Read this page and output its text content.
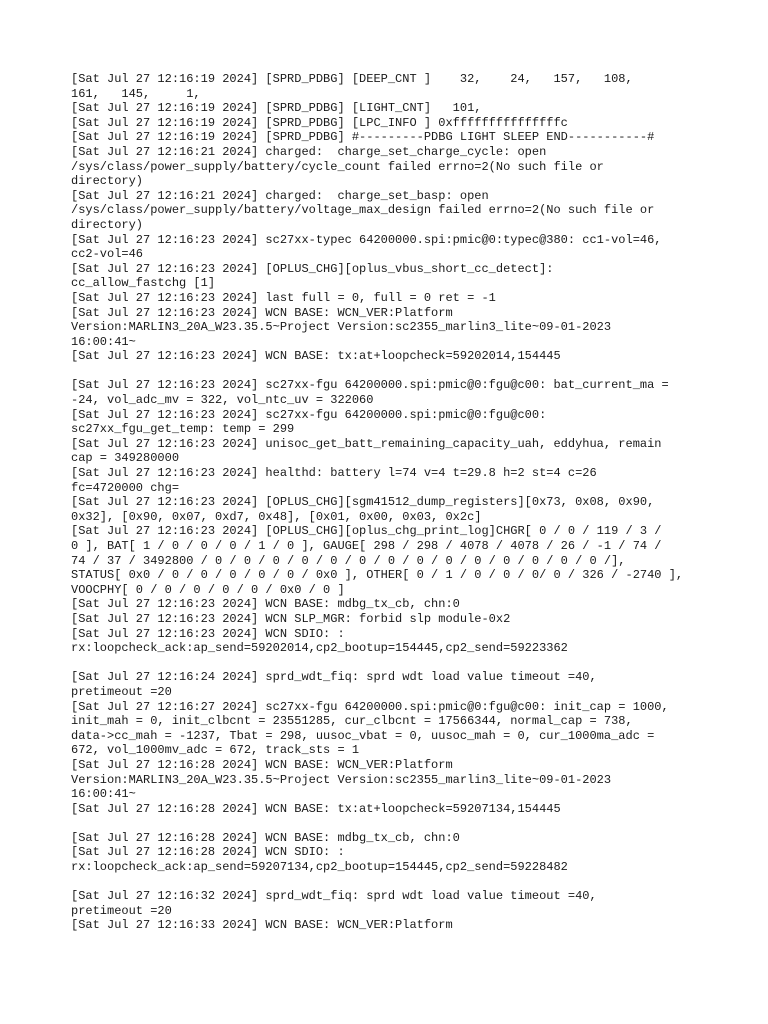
[Sat Jul 27 12:16:19 2024] [SPRD_PDBG] [DEEP_CNT ]    32,    24,   157,   108,
161,   145,     1,
[Sat Jul 27 12:16:19 2024] [SPRD_PDBG] [LIGHT_CNT]   101,
[Sat Jul 27 12:16:19 2024] [SPRD_PDBG] [LPC_INFO ] 0xfffffffffffffffc
[Sat Jul 27 12:16:19 2024] [SPRD_PDBG] #---------PDBG LIGHT SLEEP END-----------#
[Sat Jul 27 12:16:21 2024] charged:  charge_set_charge_cycle: open
/sys/class/power_supply/battery/cycle_count failed errno=2(No such file or
directory)
[Sat Jul 27 12:16:21 2024] charged:  charge_set_basp: open
/sys/class/power_supply/battery/voltage_max_design failed errno=2(No such file or
directory)
[Sat Jul 27 12:16:23 2024] sc27xx-typec 64200000.spi:pmic@0:typec@380: cc1-vol=46,
cc2-vol=46
[Sat Jul 27 12:16:23 2024] [OPLUS_CHG][oplus_vbus_short_cc_detect]:
cc_allow_fastchg [1]
[Sat Jul 27 12:16:23 2024] last full = 0, full = 0 ret = -1
[Sat Jul 27 12:16:23 2024] WCN BASE: WCN_VER:Platform
Version:MARLIN3_20A_W23.35.5~Project Version:sc2355_marlin3_lite~09-01-2023
16:00:41~
[Sat Jul 27 12:16:23 2024] WCN BASE: tx:at+loopcheck=59202014,154445
[Sat Jul 27 12:16:23 2024] sc27xx-fgu 64200000.spi:pmic@0:fgu@c00: bat_current_ma =
-24, vol_adc_mv = 322, vol_ntc_uv = 322060
[Sat Jul 27 12:16:23 2024] sc27xx-fgu 64200000.spi:pmic@0:fgu@c00:
sc27xx_fgu_get_temp: temp = 299
[Sat Jul 27 12:16:23 2024] unisoc_get_batt_remaining_capacity_uah, eddyhua, remain
cap = 349280000
[Sat Jul 27 12:16:23 2024] healthd: battery l=74 v=4 t=29.8 h=2 st=4 c=26
fc=4720000 chg=
[Sat Jul 27 12:16:23 2024] [OPLUS_CHG][sgm41512_dump_registers][0x73, 0x08, 0x90,
0x32], [0x90, 0x07, 0xd7, 0x48], [0x01, 0x00, 0x03, 0x2c]
[Sat Jul 27 12:16:23 2024] [OPLUS_CHG][oplus_chg_print_log]CHGR[ 0 / 0 / 119 / 3 /
0 ], BAT[ 1 / 0 / 0 / 0 / 1 / 0 ], GAUGE[ 298 / 298 / 4078 / 4078 / 26 / -1 / 74 /
74 / 37 / 3492800 / 0 / 0 / 0 / 0 / 0 / 0 / 0 / 0 / 0 / 0 / 0 / 0 / 0 / 0 /],
STATUS[ 0x0 / 0 / 0 / 0 / 0 / 0 / 0x0 ], OTHER[ 0 / 1 / 0 / 0 / 0/ 0 / 326 / -2740 ],
VOOCPHY[ 0 / 0 / 0 / 0 / 0 / 0x0 / 0 ]
[Sat Jul 27 12:16:23 2024] WCN BASE: mdbg_tx_cb, chn:0
[Sat Jul 27 12:16:23 2024] WCN SLP_MGR: forbid slp module-0x2
[Sat Jul 27 12:16:23 2024] WCN SDIO: :
rx:loopcheck_ack:ap_send=59202014,cp2_bootup=154445,cp2_send=59223362
[Sat Jul 27 12:16:24 2024] sprd_wdt_fiq: sprd wdt load value timeout =40,
pretimeout =20
[Sat Jul 27 12:16:27 2024] sc27xx-fgu 64200000.spi:pmic@0:fgu@c00: init_cap = 1000,
init_mah = 0, init_clbcnt = 23551285, cur_clbcnt = 17566344, normal_cap = 738,
data->cc_mah = -1237, Tbat = 298, uusoc_vbat = 0, uusoc_mah = 0, cur_1000ma_adc =
672, vol_1000mv_adc = 672, track_sts = 1
[Sat Jul 27 12:16:28 2024] WCN BASE: WCN_VER:Platform
Version:MARLIN3_20A_W23.35.5~Project Version:sc2355_marlin3_lite~09-01-2023
16:00:41~
[Sat Jul 27 12:16:28 2024] WCN BASE: tx:at+loopcheck=59207134,154445
[Sat Jul 27 12:16:28 2024] WCN BASE: mdbg_tx_cb, chn:0
[Sat Jul 27 12:16:28 2024] WCN SDIO: :
rx:loopcheck_ack:ap_send=59207134,cp2_bootup=154445,cp2_send=59228482
[Sat Jul 27 12:16:32 2024] sprd_wdt_fiq: sprd wdt load value timeout =40,
pretimeout =20
[Sat Jul 27 12:16:33 2024] WCN BASE: WCN_VER:Platform
